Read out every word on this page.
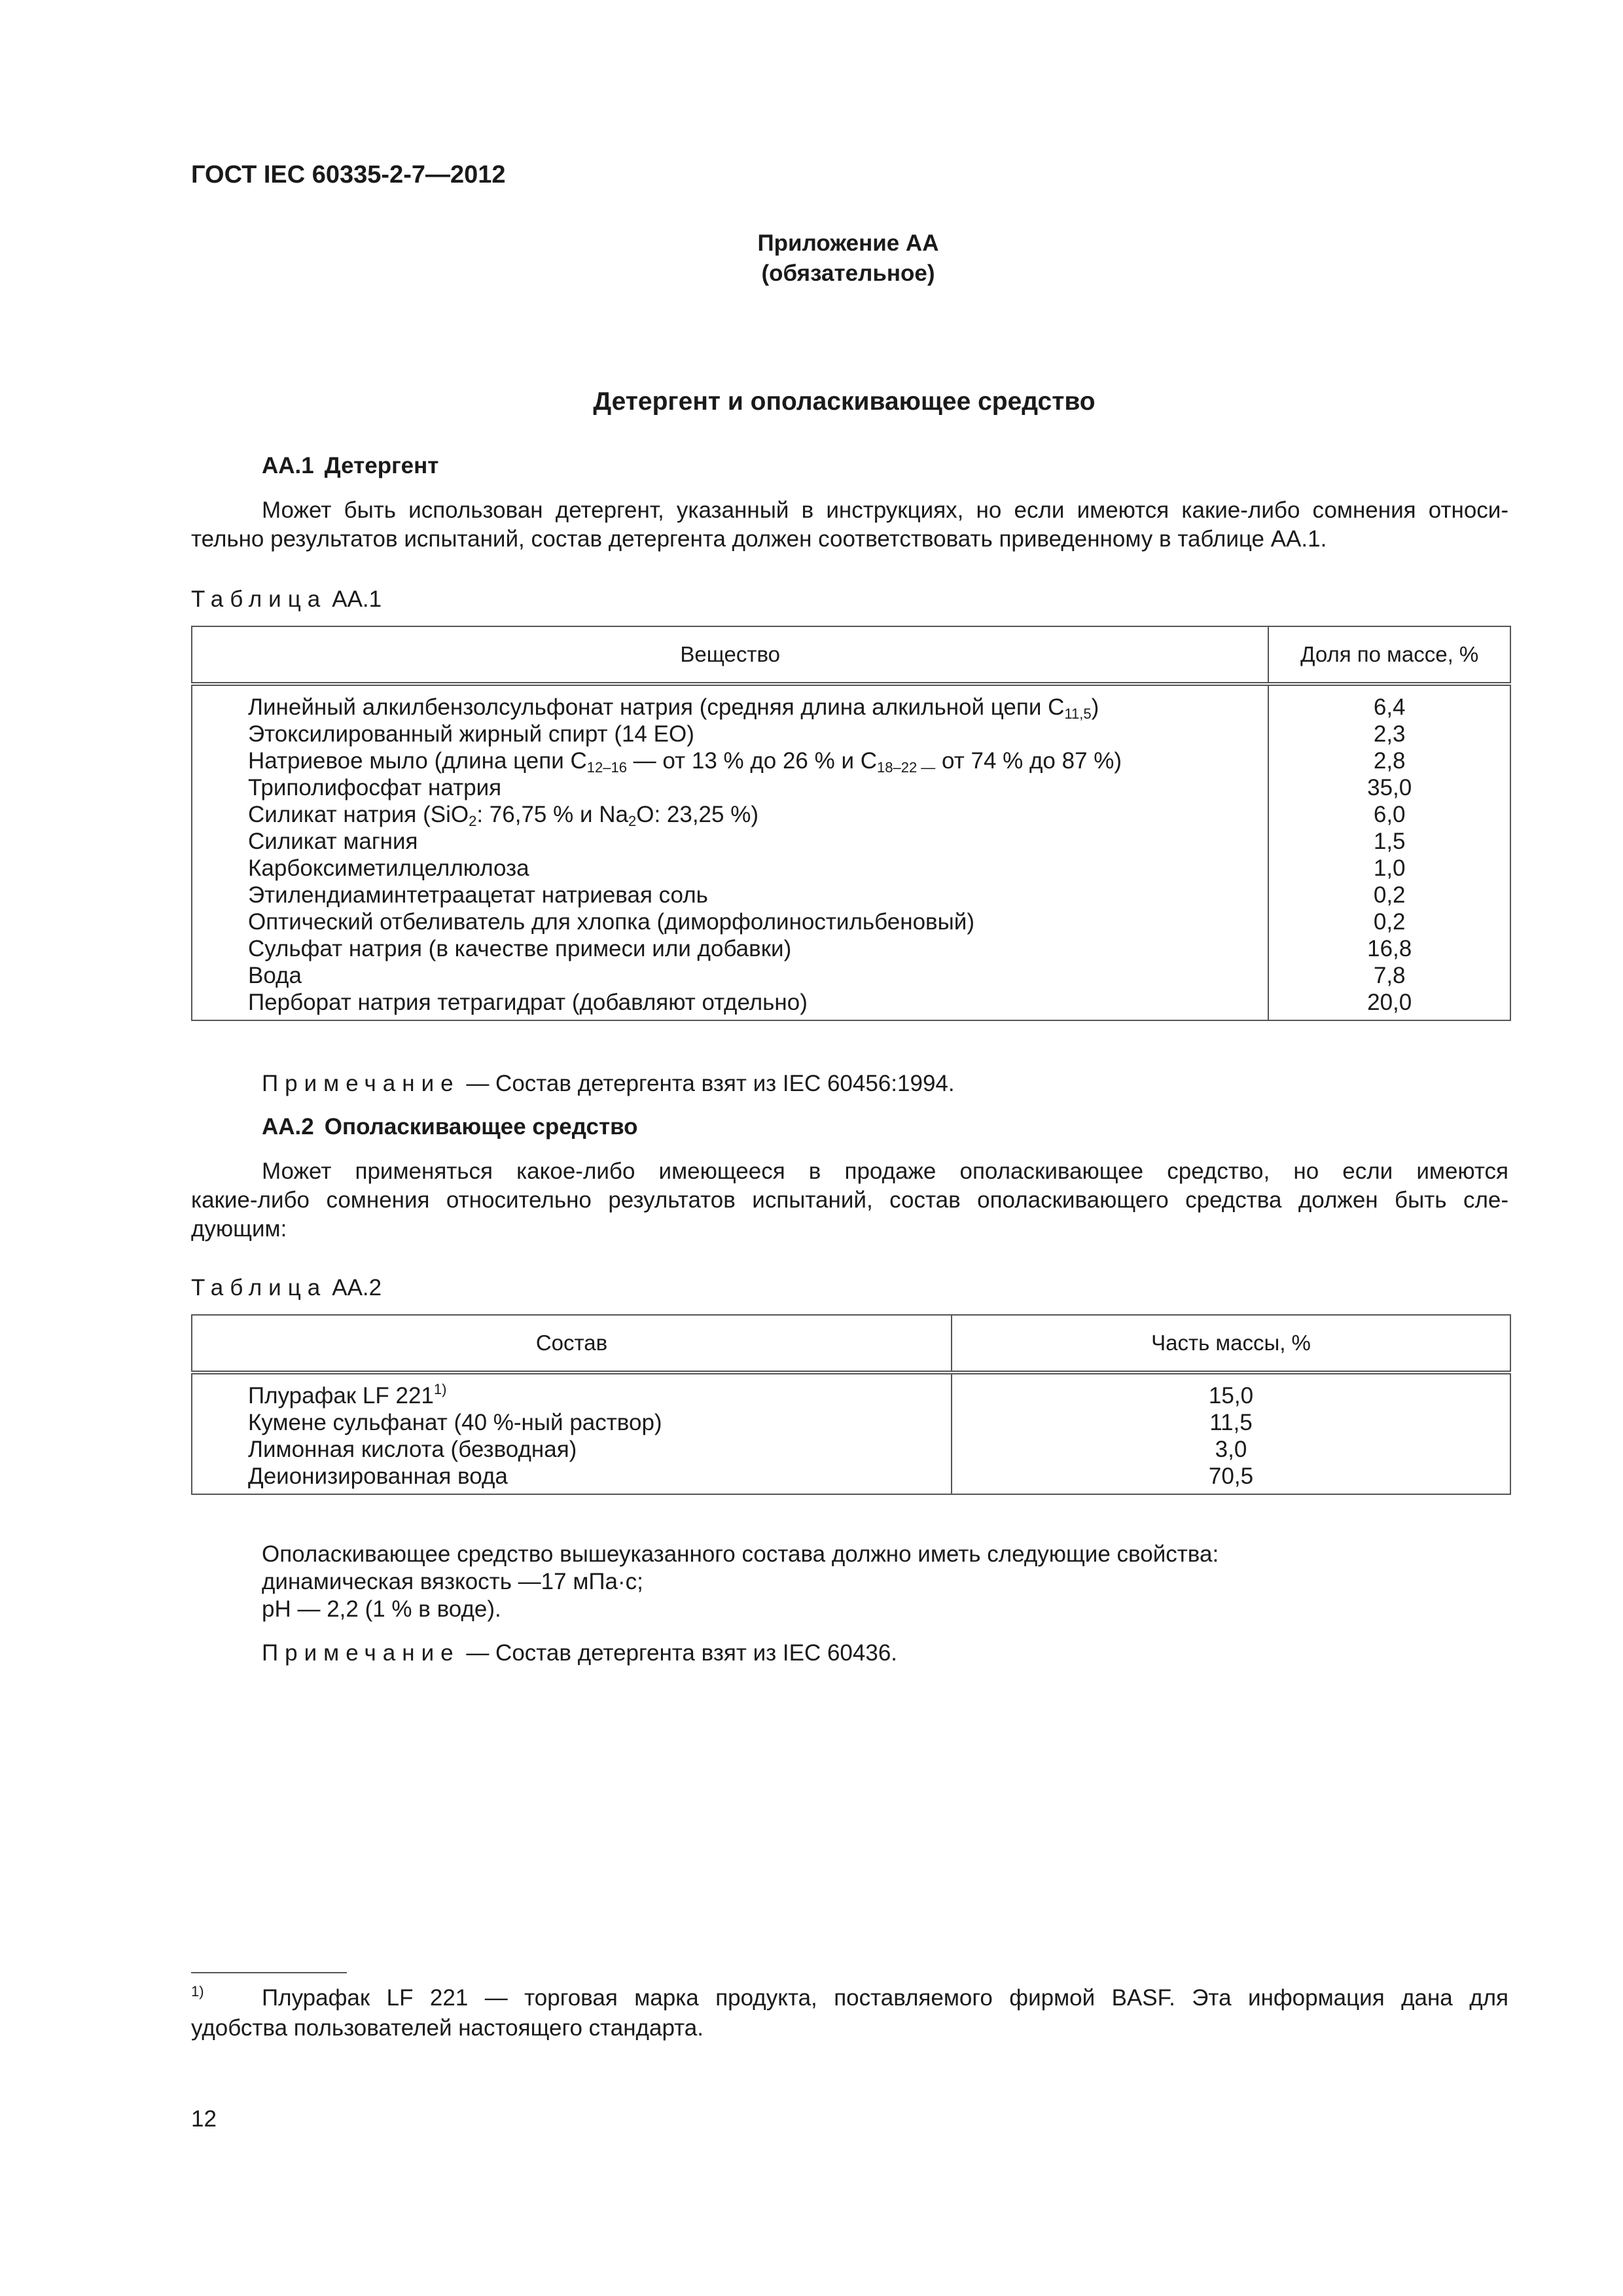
ГОСТ IEC 60335-2-7—2012
Приложение АА
(обязательное)
Детергент и ополаскивающее средство
АА.1 Детергент
Может быть использован детергент, указанный в инструкциях, но если имеются какие-либо сомнения относи-
тельно результатов испытаний, состав детергента должен соответствовать приведенному в таблице АА.1.
Таблица АА.1
Вещество	Доля по массе, %
Линейный алкилбензолсульфонат натрия (средняя длина алкильной цепи $C_{11,5}$)	6,4
Этоксилированный жирный спирт (14 EO)	2,3
Натриевое мыло (длина цепи $C_{12-16}$ — от 13 % до 26 % и $C_{18-22 —}$ от 74 % до 87 %)	2,8
Триполифосфат натрия	35,0
Силикат натрия (SiO$_2$: 76,75 % и $Na_2O$: 23,25 %)	6,0
Силикат магния	1,5
Карбоксиметилцеллюлоза	1,0
Этилендиаминтетраацетат натриевая соль	0,2
Оптический отбеливатель для хлопка (диморфолиностильбеновый)	0,2
Сульфат натрия (в качестве примеси или добавки)	16,8
Вода	7,8
Перборат натрия тетрагидрат (добавляют отдельно)	20,0
Примечание — Состав детергента взят из IEC 60456:1994.
АА.2 Ополаскивающее средство
Может применяться какое-либо имеющееся в продаже ополаскивающее средство, но если имеются
какие-либо сомнения относительно результатов испытаний, состав ополаскивающего средства должен быть сле-
дующим:
Таблица АА.2
Состав	Часть массы, %
Плурафак LF 221$^{1)}$	15,0
Кумене сульфанат (40 %-ный раствор)	11,5
Лимонная кислота (безводная)	3,0
Деионизированная вода	70,5
Ополаскивающее средство вышеуказанного состава должно иметь следующие свойства:
динамическая вязкость —17 мПа·с;
pH — 2,2 (1 % в воде).
Примечание — Состав детергента взят из IEC 60436.
$^{1)}$	Плурафак LF 221 — торговая марка продукта, поставляемого фирмой BASF. Эта информация дана для
удобства пользователей настоящего стандарта.
12
